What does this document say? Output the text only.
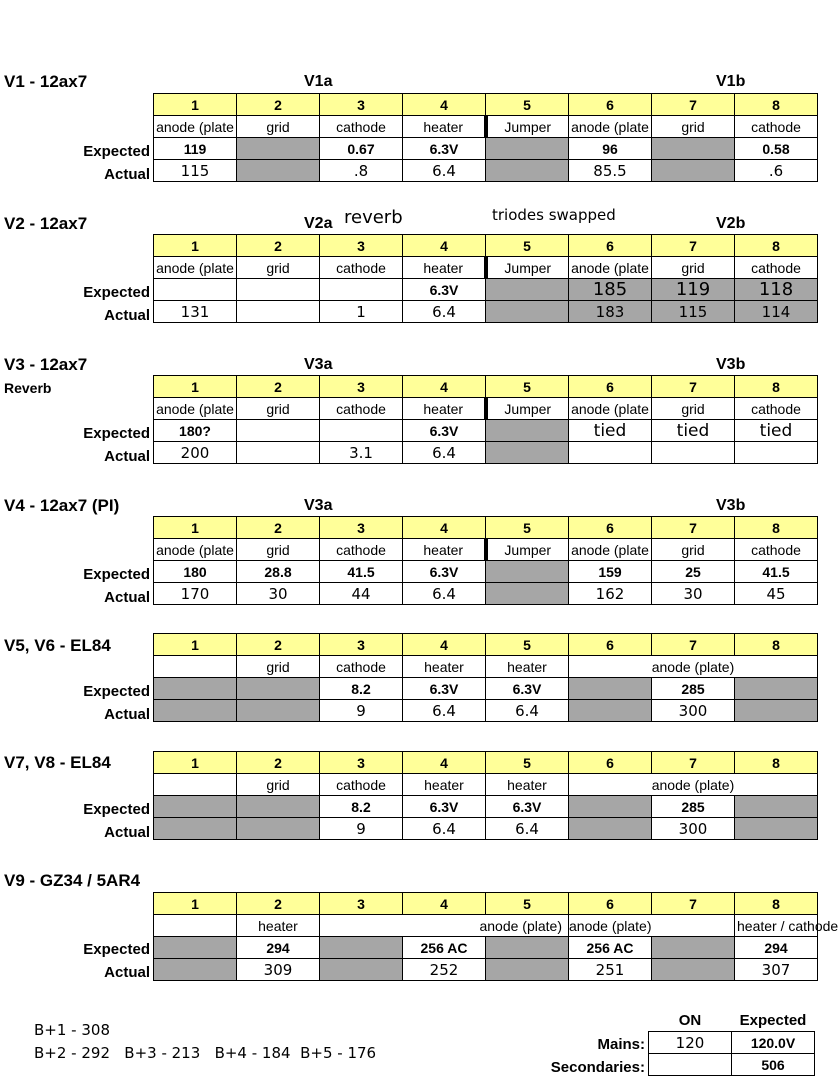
V1 - 12ax7	V1a	V1b
Expected
Actual
1	2	3	4	5	6	7	8
anode (plate	grid	cathode	heater	Jumper	anode (plate	grid	cathode
119		0.67	6.3V		96		0.58
115		.8	6.4		85.5		.6
V2 - 12ax7	V2a reverb	triodes swapped	V2b
Expected
Actual
1	2	3	4	5	6	7	8
anode (plate	grid	cathode	heater	Jumper	anode (plate	grid	cathode
			6.3V		185	119	118
131		1	6.4		183	115	114
V3 - 12ax7
Reverb
V3a	V3b
Expected
Actual
1	2	3	4	5	6	7	8
anode (plate	grid	cathode	heater	Jumper	anode (plate	grid	cathode
180?			6.3V		tied	tied	tied
200		3.1	6.4				
V4 - 12ax7 (PI)	V3a	V3b
Expected
Actual
1	2	3	4	5	6	7	8
anode (plate	grid	cathode	heater	Jumper	anode (plate	grid	cathode
180	28.8	41.5	6.3V		159	25	41.5
170	30	44	6.4		162	30	45
V5, V6 - EL84
Expected
Actual
1	2	3	4	5	6	7	8
	grid	cathode	heater	heater	anode (plate)		
		8.2	6.3V	6.3V		285	
		9	6.4	6.4		300	
V7, V8 - EL84
Expected
Actual
1	2	3	4	5	6	7	8
	grid	cathode	heater	heater	anode (plate)		
		8.2	6.3V	6.3V		285	
		9	6.4	6.4		300	
V9 - GZ34 / 5AR4
Expected
Actual
1	2	3	4	5	6	7	8
	heater	anode (plate)			anode (plate)		heater / cathode
	294		256 AC		256 AC		294
	309		252		251		307
B+1 - 308
B+2 - 292   B+3 - 213   B+4 - 184  B+5 - 176	Mains:
Secondaries:
ON	Expected
120	120.0V
	506
